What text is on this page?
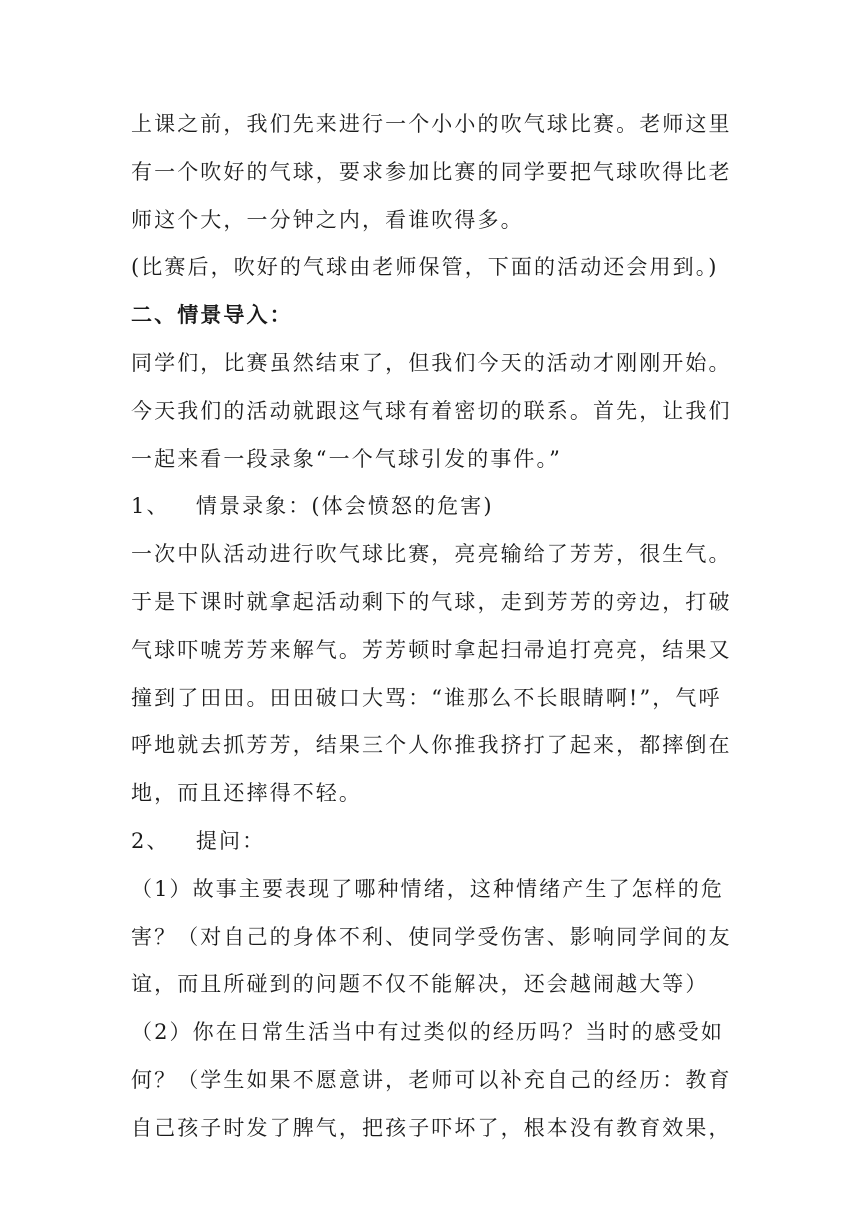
上课之前，我们先来进行一个小小的吹气球比赛。老师这里
有一个吹好的气球，要求参加比赛的同学要把气球吹得比老
师这个大，一分钟之内，看谁吹得多。
(比赛后，吹好的气球由老师保管，下面的活动还会用到。)
二、情景导入：
同学们，比赛虽然结束了，但我们今天的活动才刚刚开始。
今天我们的活动就跟这气球有着密切的联系。首先，让我们
一起来看一段录象“一个气球引发的事件。”
1、   情景录象：(体会愤怒的危害)
一次中队活动进行吹气球比赛，亮亮输给了芳芳，很生气。
于是下课时就拿起活动剩下的气球，走到芳芳的旁边，打破
气球吓唬芳芳来解气。芳芳顿时拿起扫帚追打亮亮，结果又
撞到了田田。田田破口大骂：“谁那么不长眼睛啊!”，气呼
呼地就去抓芳芳，结果三个人你推我挤打了起来，都摔倒在
地，而且还摔得不轻。
2、   提问：
（1）故事主要表现了哪种情绪，这种情绪产生了怎样的危
害？（对自己的身体不利、使同学受伤害、影响同学间的友
谊，而且所碰到的问题不仅不能解决，还会越闹越大等）
（2）你在日常生活当中有过类似的经历吗？当时的感受如
何？（学生如果不愿意讲，老师可以补充自己的经历：教育
自己孩子时发了脾气，把孩子吓坏了，根本没有教育效果，
